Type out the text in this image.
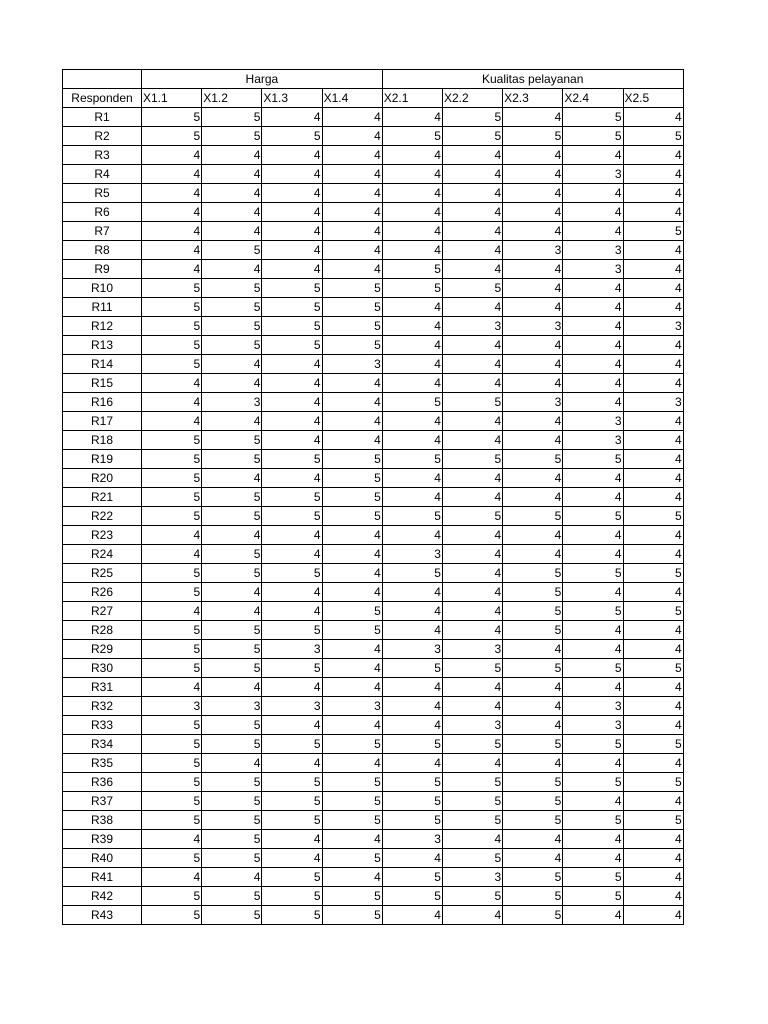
	Harga				Kualitas pelayanan				
Responden	X1.1	X1.2	X1.3	X1.4	X2.1	X2.2	X2.3	X2.4	X2.5
R1	5	5	4	4	4	5	4	5	4
R2	5	5	5	4	5	5	5	5	5
R3	4	4	4	4	4	4	4	4	4
R4	4	4	4	4	4	4	4	3	4
R5	4	4	4	4	4	4	4	4	4
R6	4	4	4	4	4	4	4	4	4
R7	4	4	4	4	4	4	4	4	5
R8	4	5	4	4	4	4	3	3	4
R9	4	4	4	4	5	4	4	3	4
R10	5	5	5	5	5	5	4	4	4
R11	5	5	5	5	4	4	4	4	4
R12	5	5	5	5	4	3	3	4	3
R13	5	5	5	5	4	4	4	4	4
R14	5	4	4	3	4	4	4	4	4
R15	4	4	4	4	4	4	4	4	4
R16	4	3	4	4	5	5	3	4	3
R17	4	4	4	4	4	4	4	3	4
R18	5	5	4	4	4	4	4	3	4
R19	5	5	5	5	5	5	5	5	4
R20	5	4	4	5	4	4	4	4	4
R21	5	5	5	5	4	4	4	4	4
R22	5	5	5	5	5	5	5	5	5
R23	4	4	4	4	4	4	4	4	4
R24	4	5	4	4	3	4	4	4	4
R25	5	5	5	4	5	4	5	5	5
R26	5	4	4	4	4	4	5	4	4
R27	4	4	4	5	4	4	5	5	5
R28	5	5	5	5	4	4	5	4	4
R29	5	5	3	4	3	3	4	4	4
R30	5	5	5	4	5	5	5	5	5
R31	4	4	4	4	4	4	4	4	4
R32	3	3	3	3	4	4	4	3	4
R33	5	5	4	4	4	3	4	3	4
R34	5	5	5	5	5	5	5	5	5
R35	5	4	4	4	4	4	4	4	4
R36	5	5	5	5	5	5	5	5	5
R37	5	5	5	5	5	5	5	4	4
R38	5	5	5	5	5	5	5	5	5
R39	4	5	4	4	3	4	4	4	4
R40	5	5	4	5	4	5	4	4	4
R41	4	4	5	4	5	3	5	5	4
R42	5	5	5	5	5	5	5	5	4
R43	5	5	5	5	4	4	5	4	4
